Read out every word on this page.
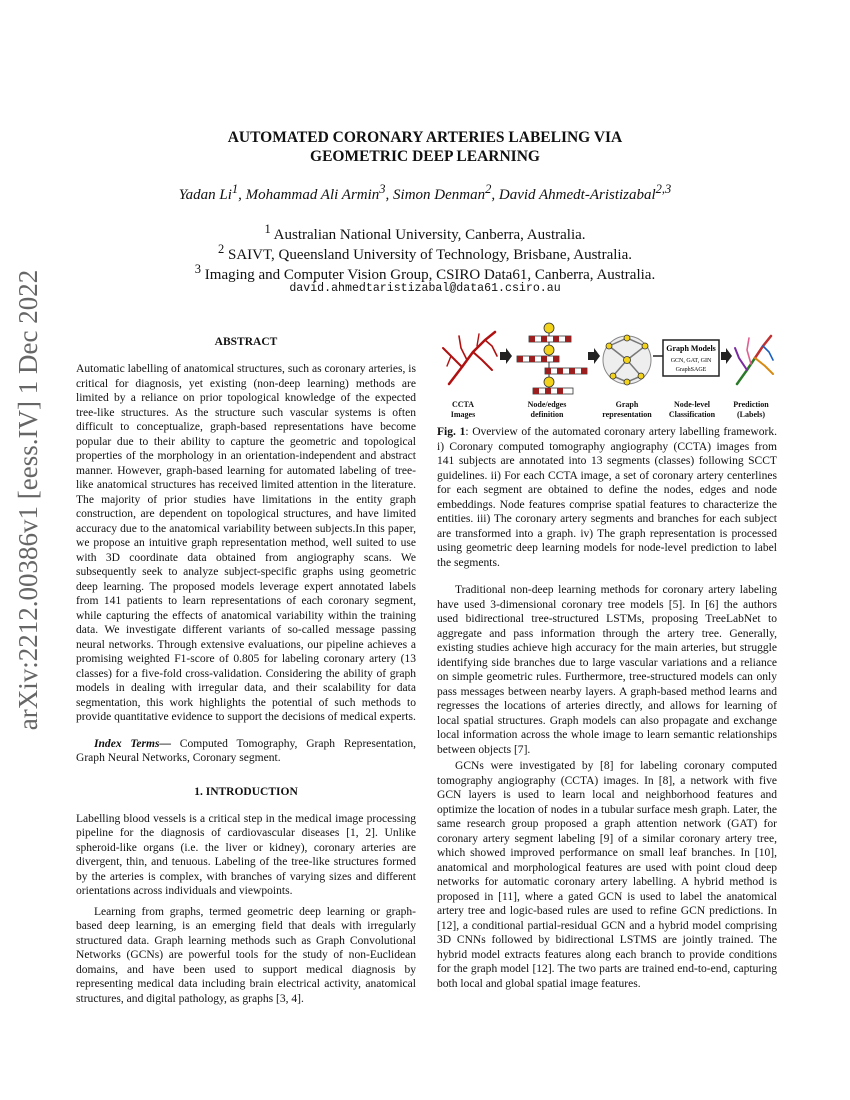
arXiv:2212.00386v1 [eess.IV] 1 Dec 2022
AUTOMATED CORONARY ARTERIES LABELING VIA
GEOMETRIC DEEP LEARNING
Yadan Li$^1$, Mohammad Ali Armin$^3$, Simon Denman$^2$, David Ahmedt-Aristizabal$^{2,3}$
$^1$ Australian National University, Canberra, Australia.
$^2$ SAIVT, Queensland University of Technology, Brisbane, Australia.
$^3$ Imaging and Computer Vision Group, CSIRO Data61, Canberra, Australia.
david.ahmedtaristizabal@data61.csiro.au
ABSTRACT

Automatic labelling of anatomical structures, such as coronary arteries, is critical for diagnosis, yet existing (non-deep learning) methods are limited by a reliance on prior topological knowledge of the expected tree-like structures. As the structure such vascular systems is often difficult to conceptualize, graph-based representations have become popular due to their ability to capture the geometric and topological properties of the morphology in an orientation-independent and abstract manner. However, graph-based learning for automated labeling of tree-like anatomical structures has received limited attention in the literature. The majority of prior studies have limitations in the entity graph construction, are dependent on topological structures, and have limited accuracy due to the anatomical variability between subjects.In this paper, we propose an intuitive graph representation method, well suited to use with 3D coordinate data obtained from angiography scans. We subsequently seek to analyze subject-specific graphs using geometric deep learning. The proposed models leverage expert annotated labels from 141 patients to learn representations of each coronary segment, while capturing the effects of anatomical variability within the training data. We investigate different variants of so-called message passing neural networks. Through extensive evaluations, our pipeline achieves a promising weighted F1-score of 0.805 for labeling coronary artery (13 classes) for a five-fold cross-validation. Considering the ability of graph models in dealing with irregular data, and their scalability for data segmentation, this work highlights the potential of such methods to provide quantitative evidence to support the decisions of medical experts.

Index Terms— Computed Tomography, Graph Representation, Graph Neural Networks, Coronary segment.

1. INTRODUCTION

Labelling blood vessels is a critical step in the medical image processing pipeline for the diagnosis of cardiovascular diseases [1, 2]. Unlike spheroid-like organs (i.e. the liver or kidney), coronary arteries are divergent, thin, and tenuous. Labeling of the tree-like structures formed by the arteries is complex, with branches of varying sizes and different orientations across individuals and viewpoints.

Learning from graphs, termed geometric deep learning or graph-based deep learning, is an emerging field that deals with irregularly structured data. Graph learning methods such as Graph Convolutional Networks (GCNs) are powerful tools for the study of non-Euclidean domains, and have been used to support medical diagnosis by representing medical data including brain electrical activity, anatomical structures, and digital pathology, as graphs [3, 4].

Graph Models
GCN, GAT, GIN
GraphSAGE
CCTA Images
Node/edges definition
Graph representation
Node-level Classification
Prediction (Labels)
Fig. 1: Overview of the automated coronary artery labelling framework. i) Coronary computed tomography angiography (CCTA) images from 141 subjects are annotated into 13 segments (classes) following SCCT guidelines. ii) For each CCTA image, a set of coronary artery centerlines for each segment are obtained to define the nodes, edges and node embeddings. Node features comprise spatial features to characterize the entities. iii) The coronary artery segments and branches for each subject are transformed into a graph. iv) The graph representation is processed using geometric deep learning models for node-level prediction to label the segments.

Traditional non-deep learning methods for coronary artery labeling have used 3-dimensional coronary tree models [5]. In [6] the authors used bidirectional tree-structured LSTMs, proposing TreeLabNet to aggregate and pass information through the artery tree. Generally, existing studies achieve high accuracy for the main arteries, but struggle identifying side branches due to large vascular variations and a reliance on simple geometric rules. Furthermore, tree-structured models can only pass messages between nearby layers. A graph-based method learns and regresses the locations of arteries directly, and allows for learning of local spatial structures. Graph models can also propagate and exchange local information across the whole image to learn semantic relationships between objects [7].

GCNs were investigated by [8] for labeling coronary computed tomography angiography (CCTA) images. In [8], a network with five GCN layers is used to learn local and neighborhood features and optimize the location of nodes in a tubular surface mesh graph. Later, the same research group proposed a graph attention network (GAT) for coronary artery segment labeling [9] of a similar coronary artery tree, which showed improved performance on small leaf branches. In [10], anatomical and morphological features are used with point cloud deep networks for automatic coronary artery labelling. A hybrid method is proposed in [11], where a gated GCN is used to label the anatomical artery tree and logic-based rules are used to refine GCN predictions. In [12], a conditional partial-residual GCN and a hybrid model comprising 3D CNNs followed by bidirectional LSTMS are jointly trained. The hybrid model extracts features along each branch to provide conditions for the graph model [12]. The two parts are trained end-to-end, capturing both local and global spatial image features.
